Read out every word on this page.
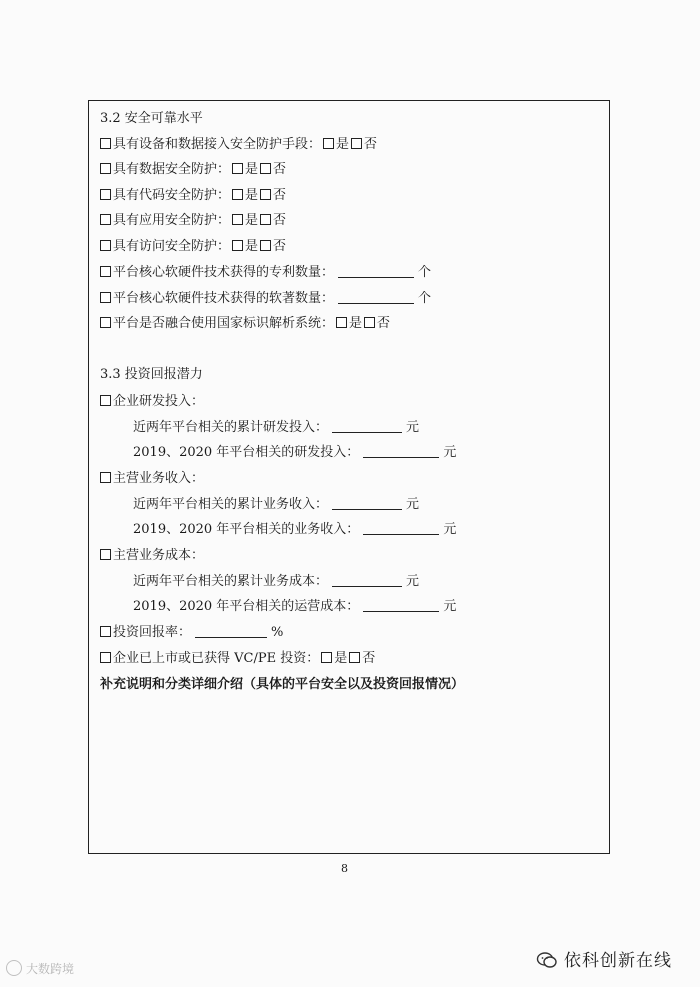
3.2 安全可靠水平
具有设备和数据接入安全防护手段： 是 否
具有数据安全防护： 是 否
具有代码安全防护： 是 否
具有应用安全防护： 是 否
具有访问安全防护： 是 否
平台核心软硬件技术获得的专利数量：	个
平台核心软硬件技术获得的软著数量：	个
平台是否融合使用国家标识解析系统： 是 否
3.3 投资回报潜力
企业研发投入：
近两年平台相关的累计研发投入：	元
2019、2020 年平台相关的研发投入：	元
主营业务收入：
近两年平台相关的累计业务收入：	元
2019、2020 年平台相关的业务收入：	元
主营业务成本：
近两年平台相关的累计业务成本：	元
2019、2020 年平台相关的运营成本：	元
投资回报率：	%
企业已上市或已获得 VC/PE 投资： 是 否
补充说明和分类详细介绍（具体的平台安全以及投资回报情况）
8
大数跨境	依科创新在线
